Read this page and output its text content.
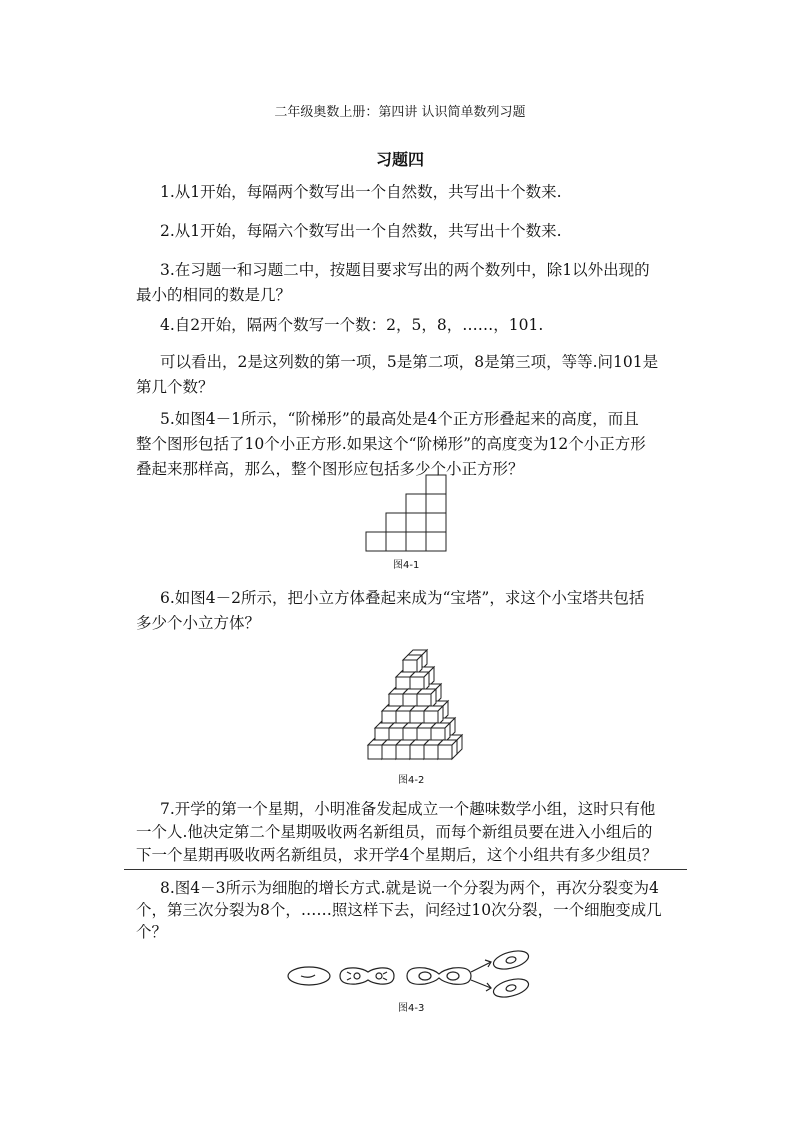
二年级奥数上册：第四讲 认识简单数列习题
习题四
1.从1开始，每隔两个数写出一个自然数，共写出十个数来.
2.从1开始，每隔六个数写出一个自然数，共写出十个数来.
3.在习题一和习题二中，按题目要求写出的两个数列中，除1以外出现的
最小的相同的数是几？
4.自2开始，隔两个数写一个数：2，5，8，……，101.
可以看出，2是这列数的第一项，5是第二项，8是第三项，等等.问101是
第几个数？
5.如图4－1所示，“阶梯形”的最高处是4个正方形叠起来的高度，而且
整个图形包括了10个小正方形.如果这个“阶梯形”的高度变为12个小正方形
叠起来那样高，那么，整个图形应包括多少个小正方形？
图4-1
6.如图4－2所示，把小立方体叠起来成为“宝塔”，求这个小宝塔共包括
多少个小立方体？
图4-2
7.开学的第一个星期，小明准备发起成立一个趣味数学小组，这时只有他
一个人.他决定第二个星期吸收两名新组员，而每个新组员要在进入小组后的
下一个星期再吸收两名新组员，求开学4个星期后，这个小组共有多少组员？
8.图4－3所示为细胞的增长方式.就是说一个分裂为两个，再次分裂变为4
个，第三次分裂为8个，……照这样下去，问经过10次分裂，一个细胞变成几
个？
图4-3
